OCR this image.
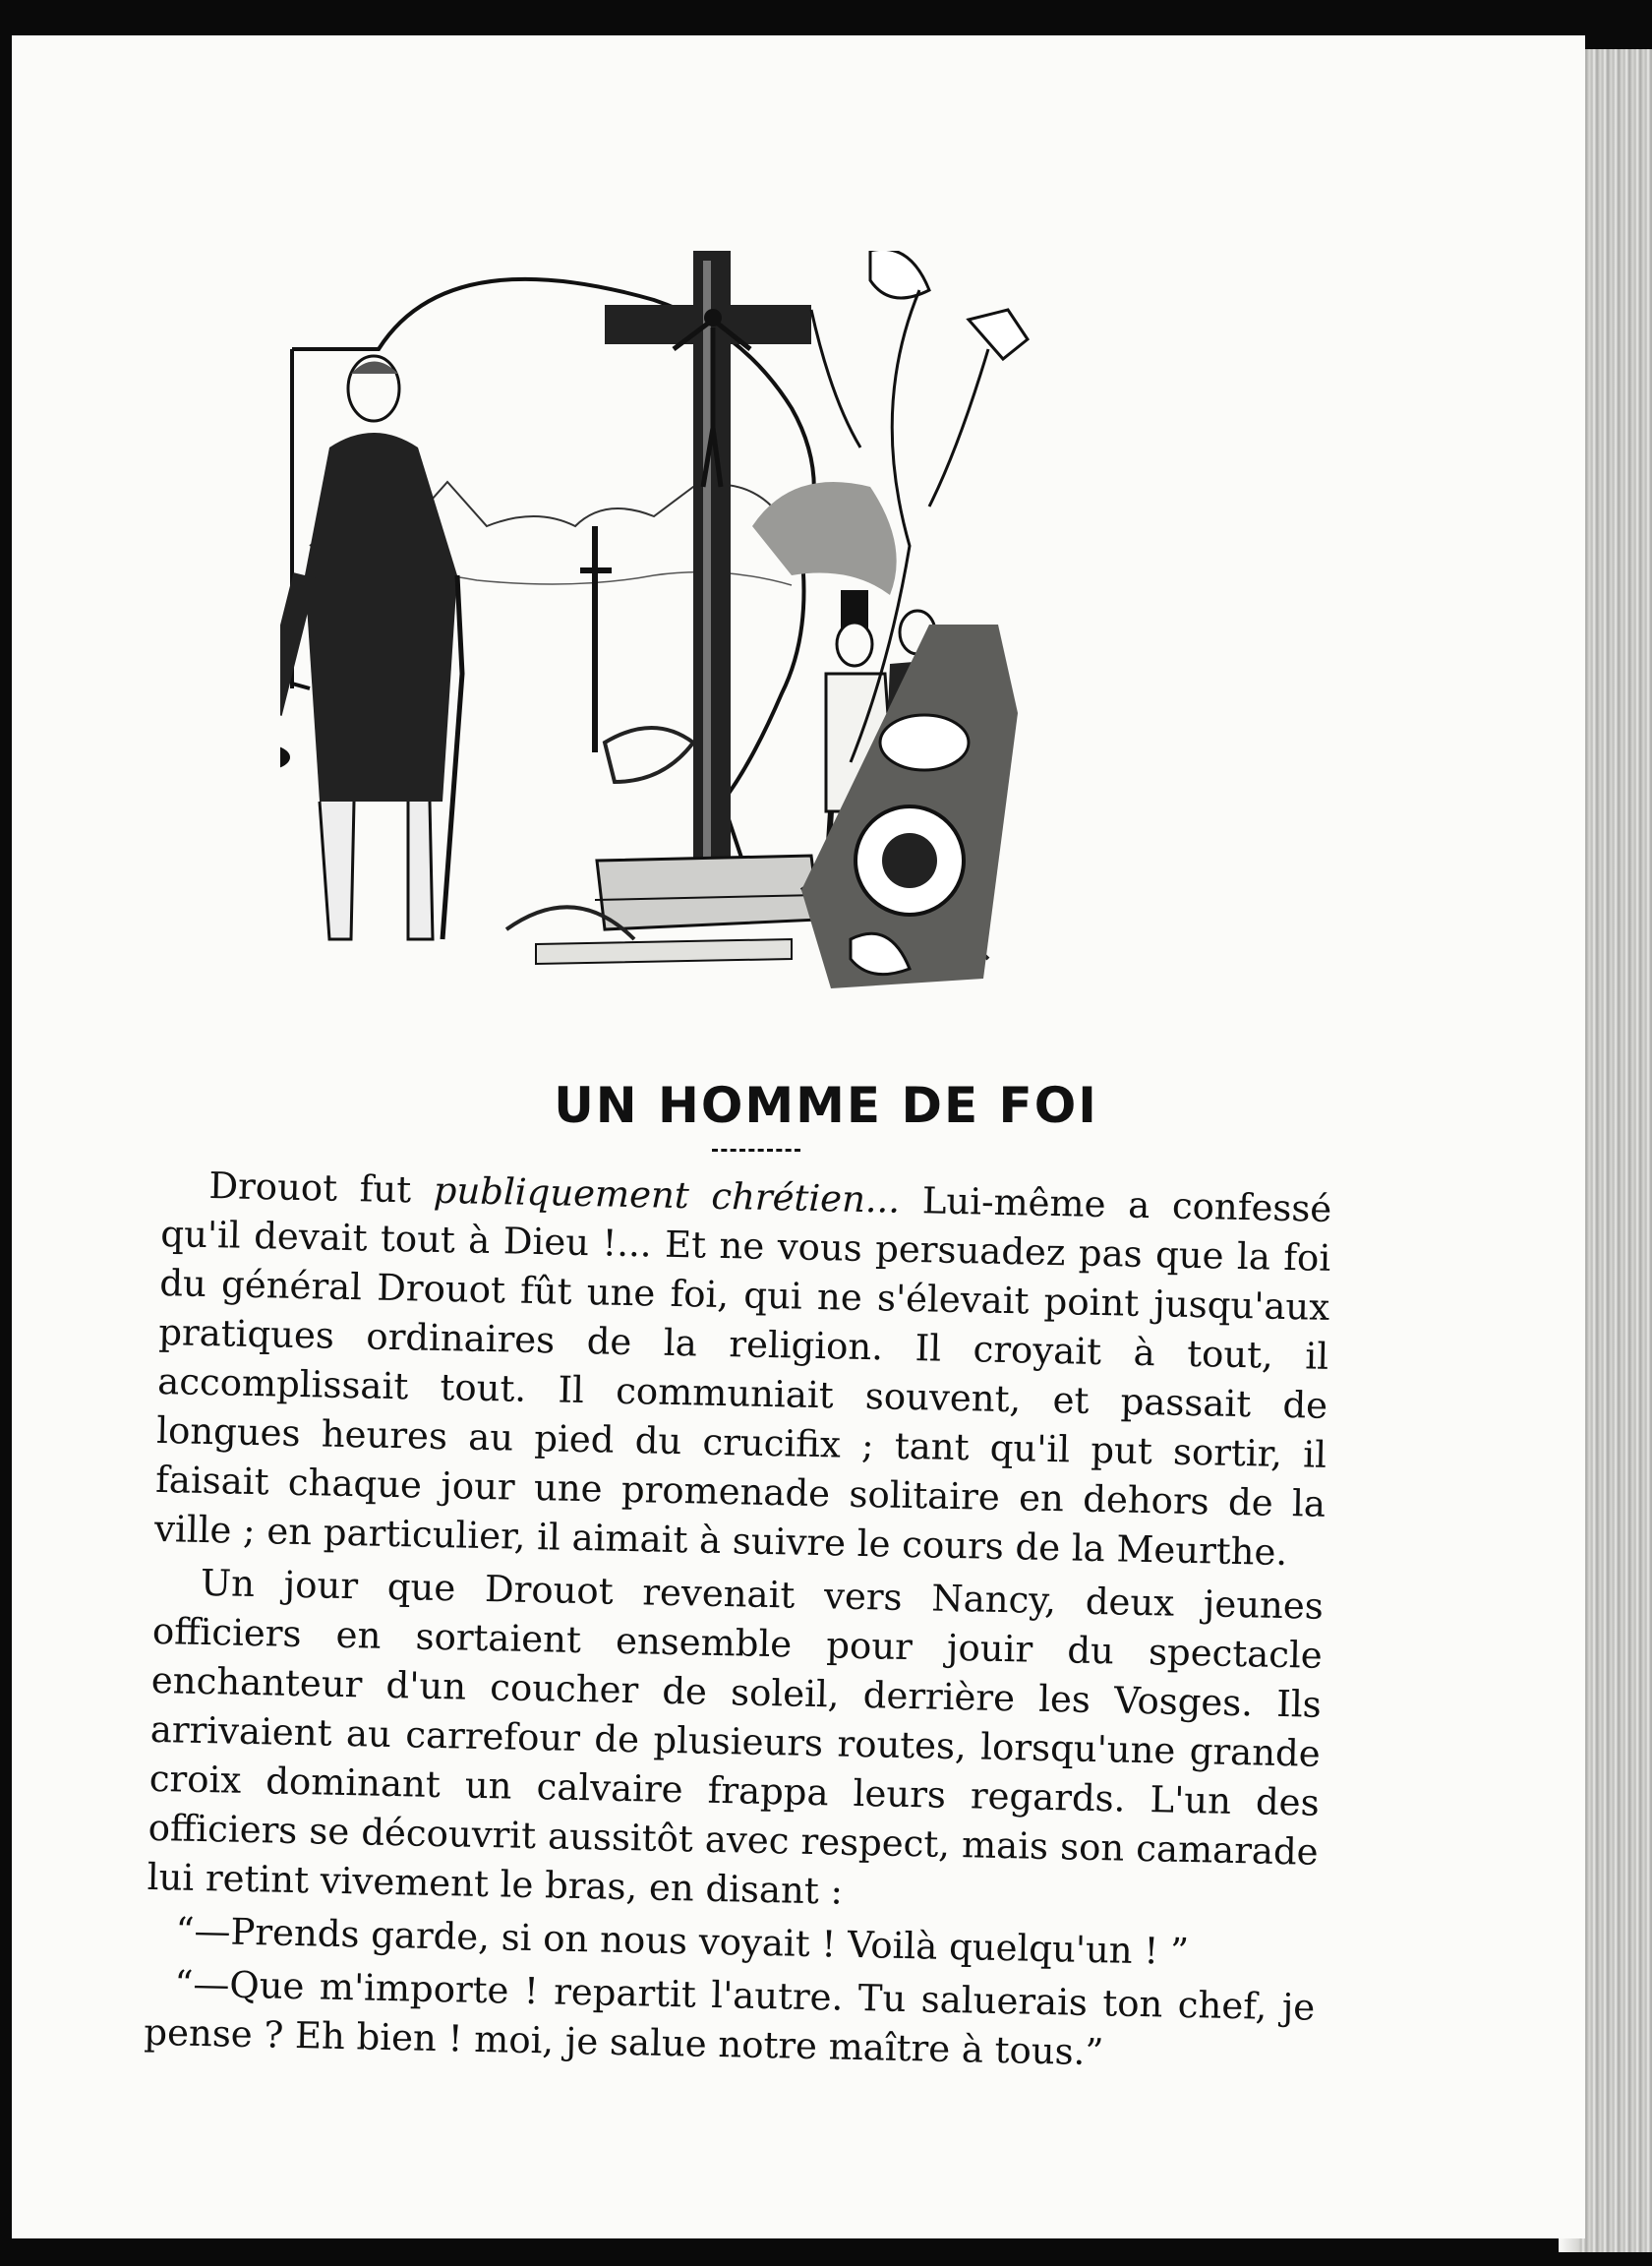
UN HOMME DE FOI

Drouot fut publiquement chrétien... Lui-même a confessé qu'il devait tout à Dieu !... Et ne vous persuadez pas que la foi du général Drouot fût une foi, qui ne s'élevait point jusqu'aux pratiques ordinaires de la religion. Il croyait à tout, il accomplissait tout. Il communiait souvent, et passait de longues heures au pied du crucifix ; tant qu'il put sortir, il faisait chaque jour une promenade solitaire en dehors de la ville ; en particulier, il aimait à suivre le cours de la Meurthe.

Un jour que Drouot revenait vers Nancy, deux jeunes officiers en sortaient ensemble pour jouir du spectacle enchanteur d'un coucher de soleil, derrière les Vosges. Ils arrivaient au carrefour de plusieurs routes, lorsqu'une grande croix dominant un calvaire frappa leurs regards. L'un des officiers se découvrit aussitôt avec respect, mais son camarade lui retint vivement le bras, en disant :

“—Prends garde, si on nous voyait ! Voilà quelqu'un ! ”

“—Que m'importe ! repartit l'autre. Tu saluerais ton chef, je pense ? Eh bien ! moi, je salue notre maître à tous.”
